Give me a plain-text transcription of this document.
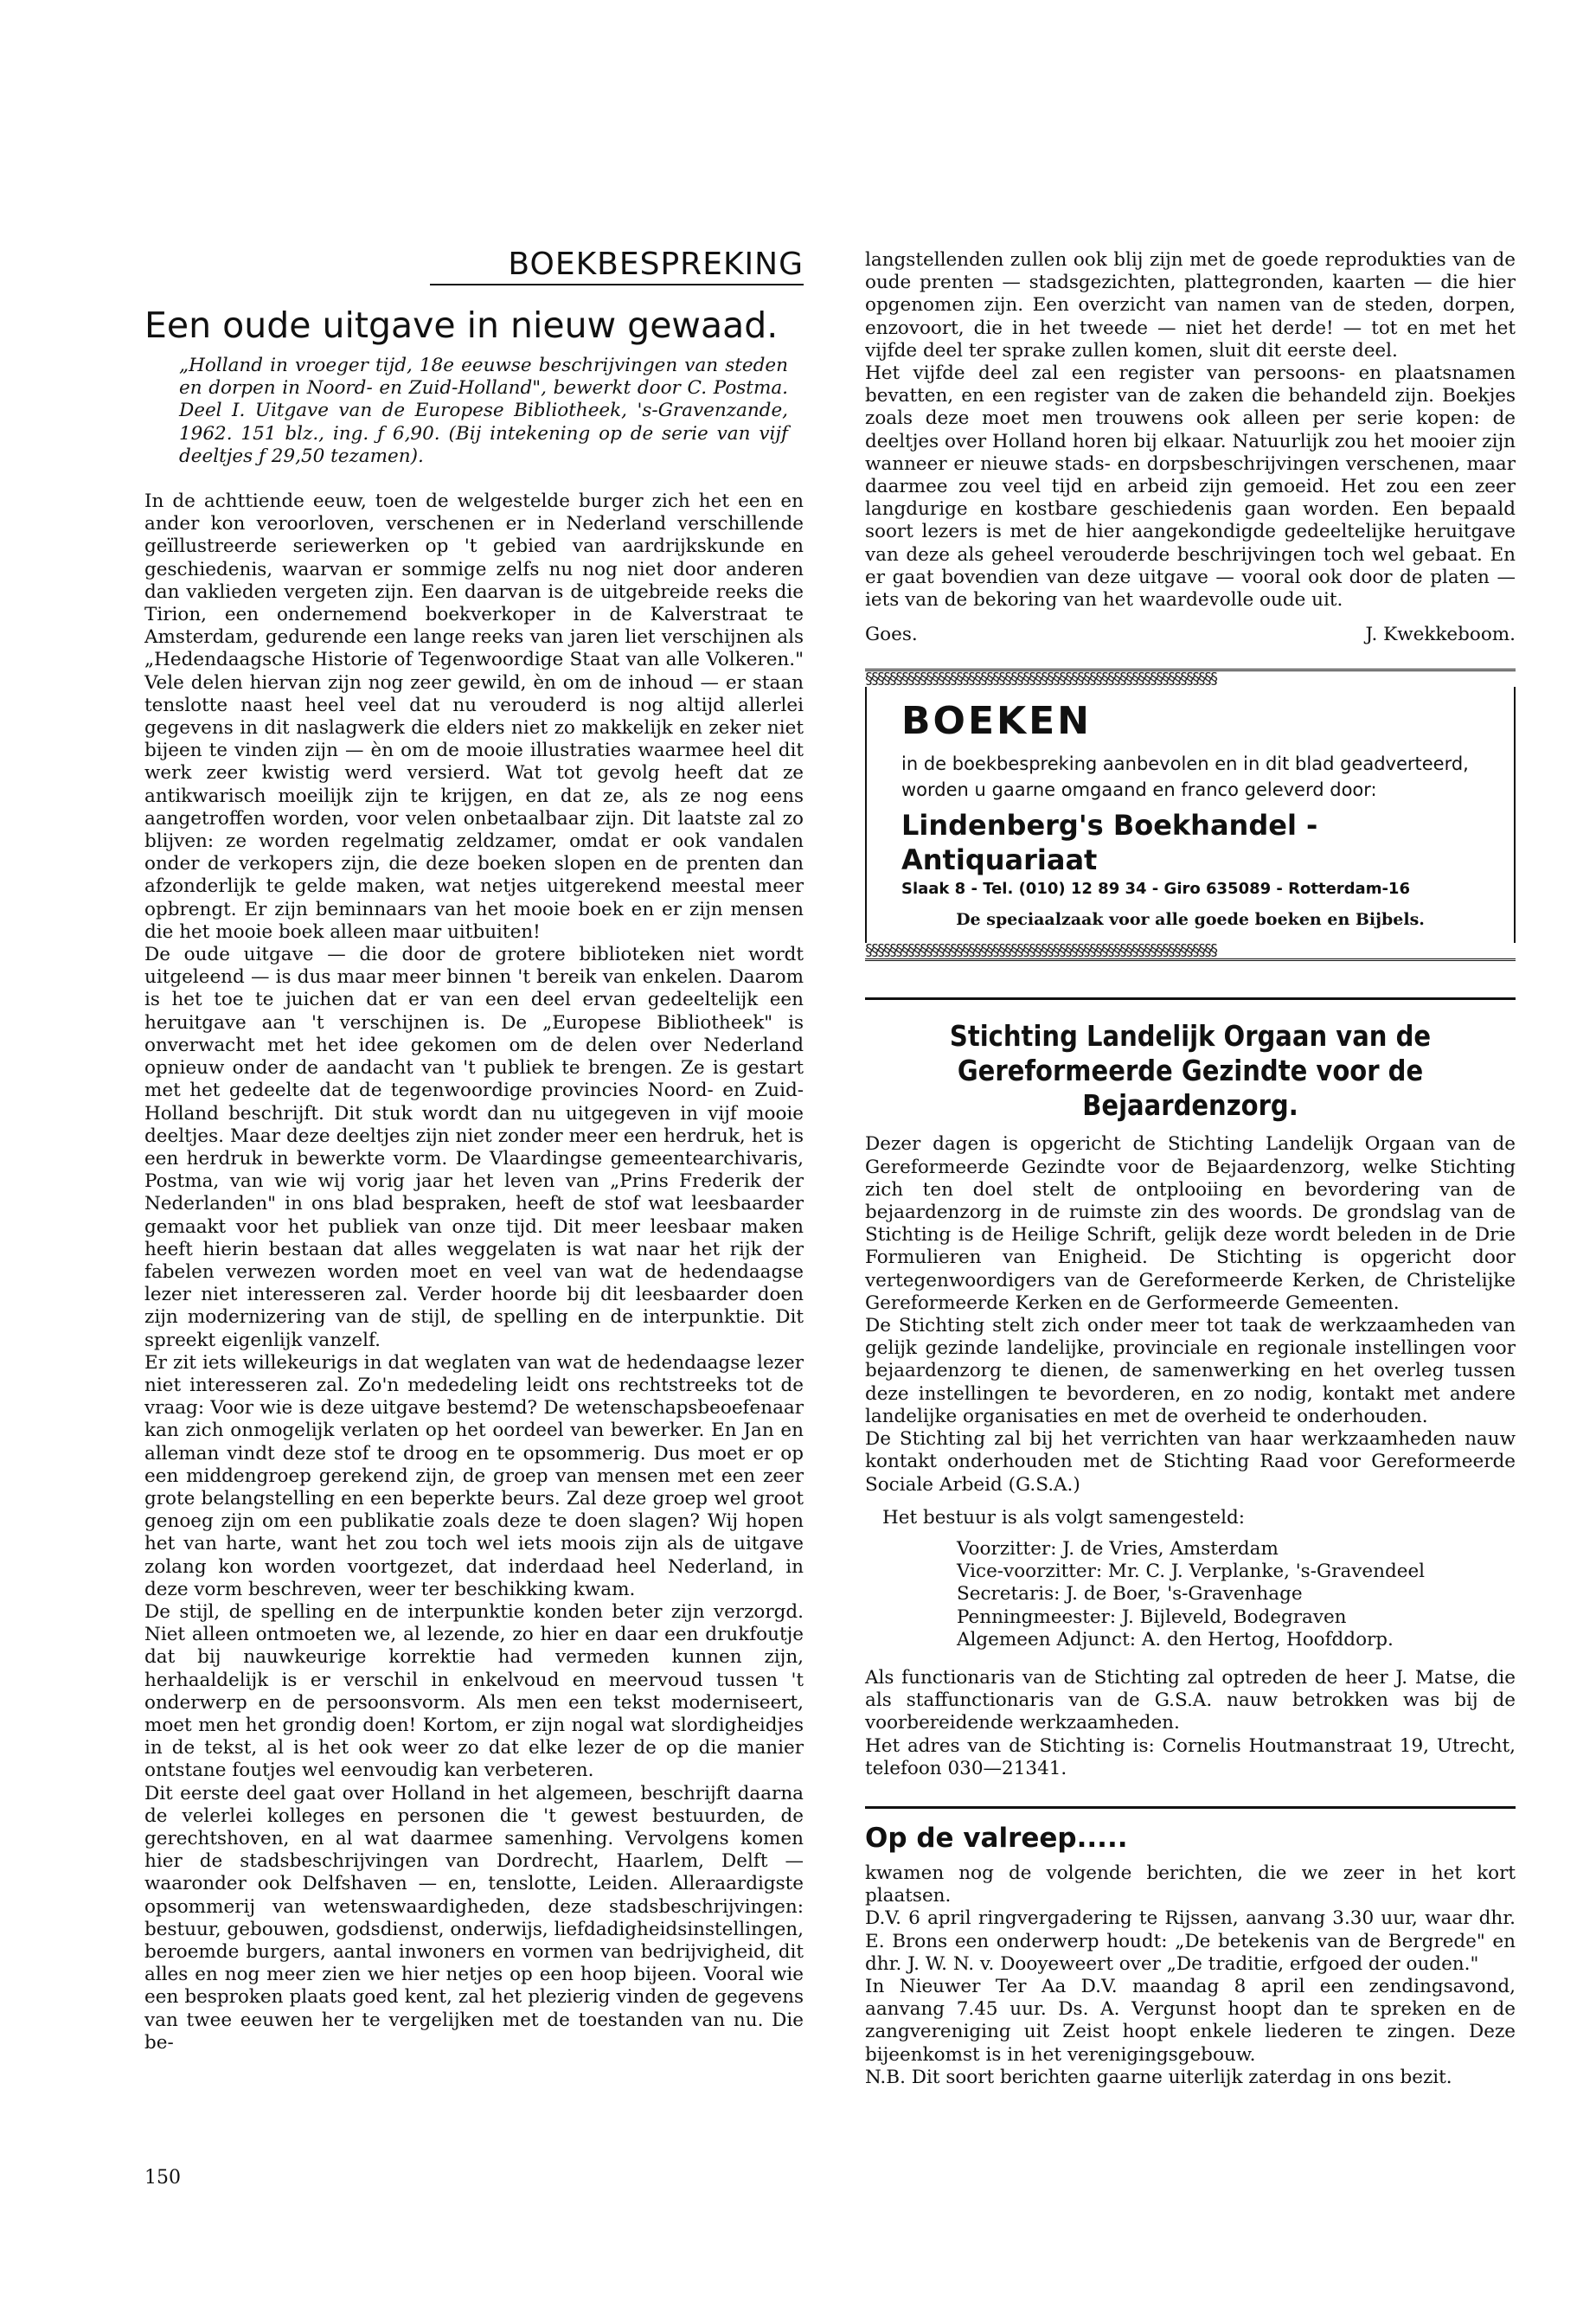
BOEKBESPREKING
Een oude uitgave in nieuw gewaad.

„Holland in vroeger tijd, 18e eeuwse beschrijvingen van steden en dorpen in Noord- en Zuid-Holland", bewerkt door C. Postma. Deel I. Uitgave van de Europese Bibliotheek, 's-Gravenzande, 1962. 151 blz., ing. ƒ 6,90. (Bij intekening op de serie van vijf deeltjes ƒ 29,50 tezamen).

In de achttiende eeuw, toen de welgestelde burger zich het een en ander kon veroorloven, verschenen er in Nederland verschillende geïllustreerde seriewerken op 't gebied van aardrijkskunde en geschiedenis, waarvan er sommige zelfs nu nog niet door anderen dan vaklieden vergeten zijn. Een daarvan is de uitgebreide reeks die Tirion, een ondernemend boekverkoper in de Kalverstraat te Amsterdam, gedurende een lange reeks van jaren liet verschijnen als „Hedendaagsche Historie of Tegenwoordige Staat van alle Volkeren." Vele delen hiervan zijn nog zeer gewild, èn om de inhoud — er staan tenslotte naast heel veel dat nu verouderd is nog altijd allerlei gegevens in dit naslagwerk die elders niet zo makkelijk en zeker niet bijeen te vinden zijn — èn om de mooie illustraties waarmee heel dit werk zeer kwistig werd versierd. Wat tot gevolg heeft dat ze antikwarisch moeilijk zijn te krijgen, en dat ze, als ze nog eens aangetroffen worden, voor velen onbetaalbaar zijn. Dit laatste zal zo blijven: ze worden regelmatig zeldzamer, omdat er ook vandalen onder de verkopers zijn, die deze boeken slopen en de prenten dan afzonderlijk te gelde maken, wat netjes uitgerekend meestal meer opbrengt. Er zijn beminnaars van het mooie boek en er zijn mensen die het mooie boek alleen maar uitbuiten!

De oude uitgave — die door de grotere biblioteken niet wordt uitgeleend — is dus maar meer binnen 't bereik van enkelen. Daarom is het toe te juichen dat er van een deel ervan gedeeltelijk een heruitgave aan 't verschijnen is. De „Europese Bibliotheek" is onverwacht met het idee gekomen om de delen over Nederland opnieuw onder de aandacht van 't publiek te brengen. Ze is gestart met het gedeelte dat de tegenwoordige provincies Noord- en Zuid-Holland beschrijft. Dit stuk wordt dan nu uitgegeven in vijf mooie deeltjes. Maar deze deeltjes zijn niet zonder meer een herdruk, het is een herdruk in bewerkte vorm. De Vlaardingse gemeentearchivaris, Postma, van wie wij vorig jaar het leven van „Prins Frederik der Nederlanden" in ons blad bespraken, heeft de stof wat leesbaarder gemaakt voor het publiek van onze tijd. Dit meer leesbaar maken heeft hierin bestaan dat alles weggelaten is wat naar het rijk der fabelen verwezen worden moet en veel van wat de hedendaagse lezer niet interesseren zal. Verder hoorde bij dit leesbaarder doen zijn modernizering van de stijl, de spelling en de interpunktie. Dit spreekt eigenlijk vanzelf.

Er zit iets willekeurigs in dat weglaten van wat de hedendaagse lezer niet interesseren zal. Zo'n mededeling leidt ons rechtstreeks tot de vraag: Voor wie is deze uitgave bestemd? De wetenschapsbeoefenaar kan zich onmogelijk verlaten op het oordeel van bewerker. En Jan en alleman vindt deze stof te droog en te opsommerig. Dus moet er op een middengroep gerekend zijn, de groep van mensen met een zeer grote belangstelling en een beperkte beurs. Zal deze groep wel groot genoeg zijn om een publikatie zoals deze te doen slagen? Wij hopen het van harte, want het zou toch wel iets moois zijn als de uitgave zolang kon worden voortgezet, dat inderdaad heel Nederland, in deze vorm beschreven, weer ter beschikking kwam.

De stijl, de spelling en de interpunktie konden beter zijn verzorgd. Niet alleen ontmoeten we, al lezende, zo hier en daar een drukfoutje dat bij nauwkeurige korrektie had vermeden kunnen zijn, herhaaldelijk is er verschil in enkelvoud en meervoud tussen 't onderwerp en de persoonsvorm. Als men een tekst moderniseert, moet men het grondig doen! Kortom, er zijn nogal wat slordigheidjes in de tekst, al is het ook weer zo dat elke lezer de op die manier ontstane foutjes wel eenvoudig kan verbeteren.

Dit eerste deel gaat over Holland in het algemeen, beschrijft daarna de velerlei kolleges en personen die 't gewest bestuurden, de gerechtshoven, en al wat daarmee samenhing. Vervolgens komen hier de stadsbeschrijvingen van Dordrecht, Haarlem, Delft — waaronder ook Delfshaven — en, tenslotte, Leiden. Alleraardigste opsommerij van wetenswaardigheden, deze stadsbeschrijvingen: bestuur, gebouwen, godsdienst, onderwijs, liefdadigheidsinstellingen, beroemde burgers, aantal inwoners en vormen van bedrijvigheid, dit alles en nog meer zien we hier netjes op een hoop bijeen. Vooral wie een besproken plaats goed kent, zal het plezierig vinden de gegevens van twee eeuwen her te vergelijken met de toestanden van nu. Die be-

langstellenden zullen ook blij zijn met de goede reprodukties van de oude prenten — stadsgezichten, plattegronden, kaarten — die hier opgenomen zijn. Een overzicht van namen van de steden, dorpen, enzovoort, die in het tweede — niet het derde! — tot en met het vijfde deel ter sprake zullen komen, sluit dit eerste deel.

Het vijfde deel zal een register van persoons- en plaatsnamen bevatten, en een register van de zaken die behandeld zijn. Boekjes zoals deze moet men trouwens ook alleen per serie kopen: de deeltjes over Holland horen bij elkaar. Natuurlijk zou het mooier zijn wanneer er nieuwe stads- en dorpsbeschrijvingen verschenen, maar daarmee zou veel tijd en arbeid zijn gemoeid. Het zou een zeer langdurige en kostbare geschiedenis gaan worden. Een bepaald soort lezers is met de hier aangekondigde gedeeltelijke heruitgave van deze als geheel verouderde beschrijvingen toch wel gebaat. En er gaat bovendien van deze uitgave — vooral ook door de platen — iets van de bekoring van het waardevolle oude uit.

Goes.	J. Kwekkeboom.
§§§§§§§§§§§§§§§§§§§§§§§§§§§§§§§§§§§§§§§§§§§§§§§§§§§§§§§§§§
BOEKEN
in de boekbespreking aanbevolen en in dit blad geadverteerd, worden u gaarne omgaand en franco geleverd door:
Lindenberg's Boekhandel - Antiquariaat
Slaak 8 - Tel. (010) 12 89 34 - Giro 635089 - Rotterdam-16
De speciaalzaak voor alle goede boeken en Bijbels.
§§§§§§§§§§§§§§§§§§§§§§§§§§§§§§§§§§§§§§§§§§§§§§§§§§§§§§§§§§
Stichting Landelijk Orgaan van de Gereformeerde Gezindte voor de Bejaardenzorg.

Dezer dagen is opgericht de Stichting Landelijk Orgaan van de Gereformeerde Gezindte voor de Bejaardenzorg, welke Stichting zich ten doel stelt de ontplooiing en bevordering van de bejaardenzorg in de ruimste zin des woords. De grondslag van de Stichting is de Heilige Schrift, gelijk deze wordt beleden in de Drie Formulieren van Enigheid. De Stichting is opgericht door vertegenwoordigers van de Gereformeerde Kerken, de Christelijke Gereformeerde Kerken en de Gerformeerde Gemeenten.

De Stichting stelt zich onder meer tot taak de werkzaamheden van gelijk gezinde landelijke, provinciale en regionale instellingen voor bejaardenzorg te dienen, de samenwerking en het overleg tussen deze instellingen te bevorderen, en zo nodig, kontakt met andere landelijke organisaties en met de overheid te onderhouden.

De Stichting zal bij het verrichten van haar werkzaamheden nauw kontakt onderhouden met de Stichting Raad voor Gereformeerde Sociale Arbeid (G.S.A.)

Het bestuur is als volgt samengesteld:

Voorzitter: J. de Vries, Amsterdam
Vice-voorzitter: Mr. C. J. Verplanke, 's-Gravendeel
Secretaris: J. de Boer, 's-Gravenhage
Penningmeester: J. Bijleveld, Bodegraven
Algemeen Adjunct: A. den Hertog, Hoofddorp.

Als functionaris van de Stichting zal optreden de heer J. Matse, die als staffunctionaris van de G.S.A. nauw betrokken was bij de voorbereidende werkzaamheden.

Het adres van de Stichting is: Cornelis Houtmanstraat 19, Utrecht, telefoon 030—21341.

Op de valreep.....

kwamen nog de volgende berichten, die we zeer in het kort plaatsen.

D.V. 6 april ringvergadering te Rijssen, aanvang 3.30 uur, waar dhr. E. Brons een onderwerp houdt: „De betekenis van de Bergrede" en dhr. J. W. N. v. Dooyeweert over „De traditie, erfgoed der ouden."

In Nieuwer Ter Aa D.V. maandag 8 april een zendingsavond, aanvang 7.45 uur. Ds. A. Vergunst hoopt dan te spreken en de zangvereniging uit Zeist hoopt enkele liederen te zingen. Deze bijeenkomst is in het verenigingsgebouw.

N.B. Dit soort berichten gaarne uiterlijk zaterdag in ons bezit.

150
